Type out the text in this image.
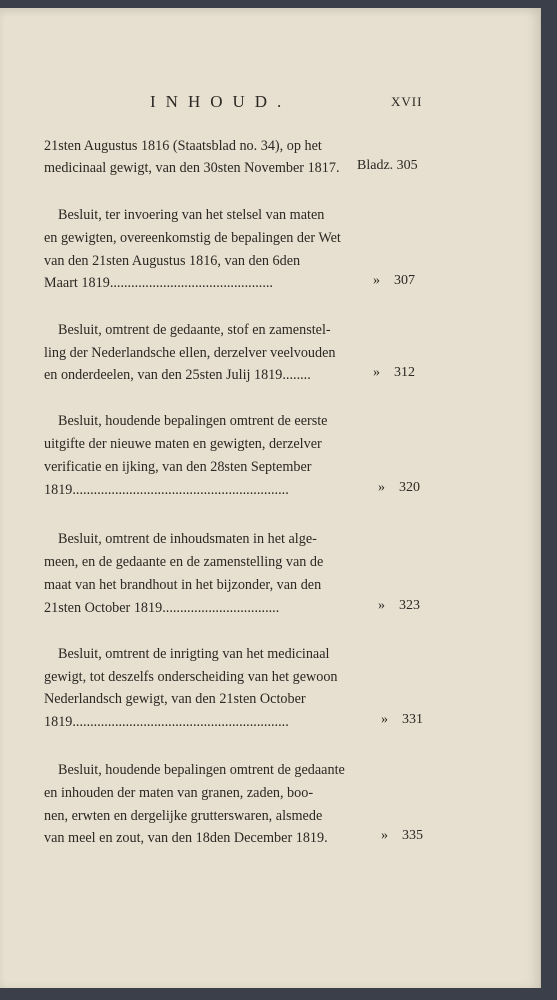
INHOUD.	XVII
21sten Augustus 1816 (Staatsblad no. 34), op het
medicinaal gewigt, van den 30sten November 1817.	Bladz. 305
Besluit, ter invoering van het stelsel van maten
en gewigten, overeenkomstig de bepalingen der Wet
van den 21sten Augustus 1816, van den 6den
Maart 1819..............................................	» 307
Besluit, omtrent de gedaante, stof en zamenstel-
ling der Nederlandsche ellen, derzelver veelvouden
en onderdeelen, van den 25sten Julij 1819........	» 312
Besluit, houdende bepalingen omtrent de eerste
uitgifte der nieuwe maten en gewigten, derzelver
verificatie en ijking, van den 28sten September
1819.............................................................	» 320
Besluit, omtrent de inhoudsmaten in het alge-
meen, en de gedaante en de zamenstelling van de
maat van het brandhout in het bijzonder, van den
21sten October 1819.................................	» 323
Besluit, omtrent de inrigting van het medicinaal
gewigt, tot deszelfs onderscheiding van het gewoon
Nederlandsch gewigt, van den 21sten October
1819.............................................................	» 331
Besluit, houdende bepalingen omtrent de gedaante
en inhouden der maten van granen, zaden, boo-
nen, erwten en dergelijke grutterswaren, alsmede
van meel en zout, van den 18den December 1819.	» 335
